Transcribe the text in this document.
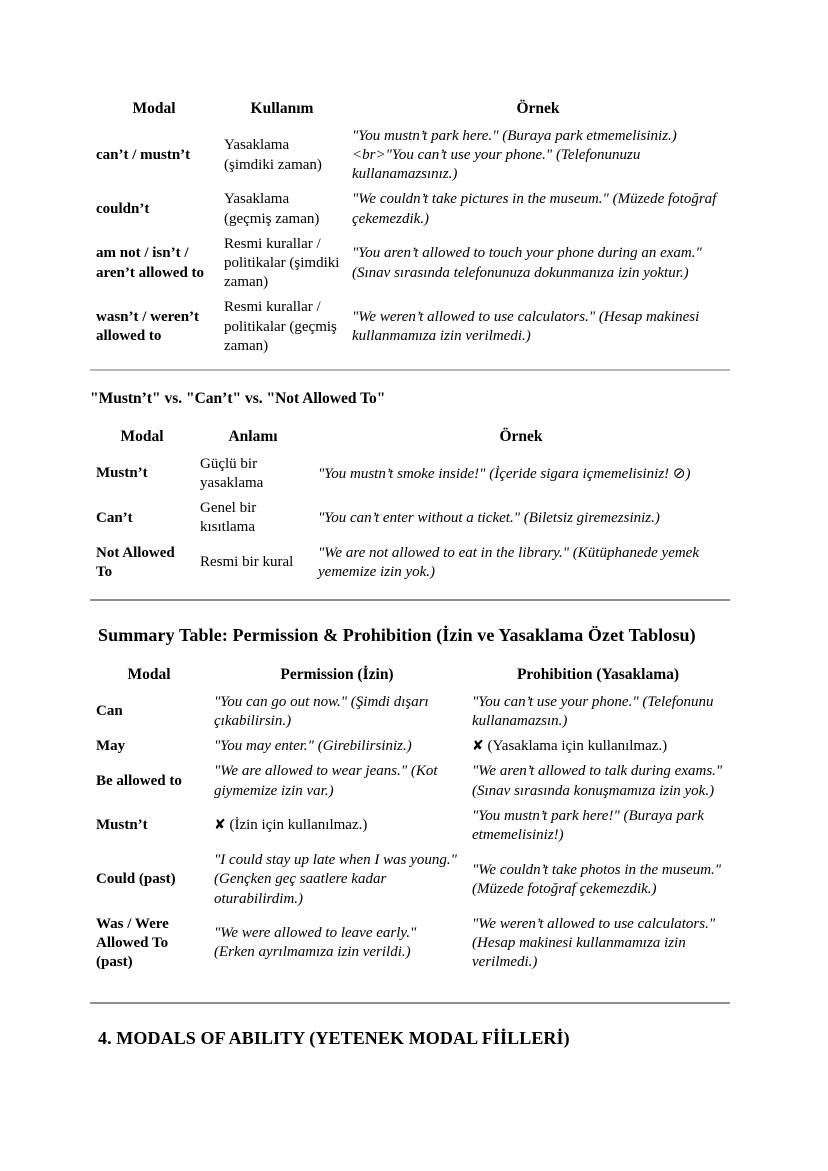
Modal	Kullanım	Örnek
can’t / mustn’t	Yasaklama (şimdiki zaman)	"You mustn’t park here." (Buraya park etmemelisiniz.)<br>"You can’t use your phone." (Telefonunuzu kullanamazsınız.)
couldn’t	Yasaklama (geçmiş zaman)	"We couldn’t take pictures in the museum." (Müzede fotoğraf çekemezdik.)
am not / isn’t / aren’t allowed to	Resmi kurallar / politikalar (şimdiki zaman)	"You aren’t allowed to touch your phone during an exam." (Sınav sırasında telefonunuza dokunmanıza izin yoktur.)
wasn’t / weren’t allowed to	Resmi kurallar / politikalar (geçmiş zaman)	"We weren’t allowed to use calculators." (Hesap makinesi kullanmamıza izin verilmedi.)
"Mustn’t" vs. "Can’t" vs. "Not Allowed To"
Modal	Anlamı	Örnek
Mustn’t	Güçlü bir yasaklama	"You mustn’t smoke inside!" (İçeride sigara içmemelisiniz! ⊘)
Can’t	Genel bir kısıtlama	"You can’t enter without a ticket." (Biletsiz giremezsiniz.)
Not Allowed To	Resmi bir kural	"We are not allowed to eat in the library." (Kütüphanede yemek yememize izin yok.)
Summary Table: Permission & Prohibition (İzin ve Yasaklama Özet Tablosu)
Modal	Permission (İzin)	Prohibition (Yasaklama)
Can	"You can go out now." (Şimdi dışarı çıkabilirsin.)	"You can’t use your phone." (Telefonunu kullanamazsın.)
May	"You may enter." (Girebilirsiniz.)	✘ (Yasaklama için kullanılmaz.)
Be allowed to	"We are allowed to wear jeans." (Kot giymemize izin var.)	"We aren’t allowed to talk during exams." (Sınav sırasında konuşmamıza izin yok.)
Mustn’t	✘ (İzin için kullanılmaz.)	"You mustn’t park here!" (Buraya park etmemelisiniz!)
Could (past)	"I could stay up late when I was young." (Gençken geç saatlere kadar oturabilirdim.)	"We couldn’t take photos in the museum." (Müzede fotoğraf çekemezdik.)
Was / Were Allowed To (past)	"We were allowed to leave early." (Erken ayrılmamıza izin verildi.)	"We weren’t allowed to use calculators." (Hesap makinesi kullanmamıza izin verilmedi.)
4. MODALS OF ABILITY (YETENEK MODAL FİİLLERİ)
